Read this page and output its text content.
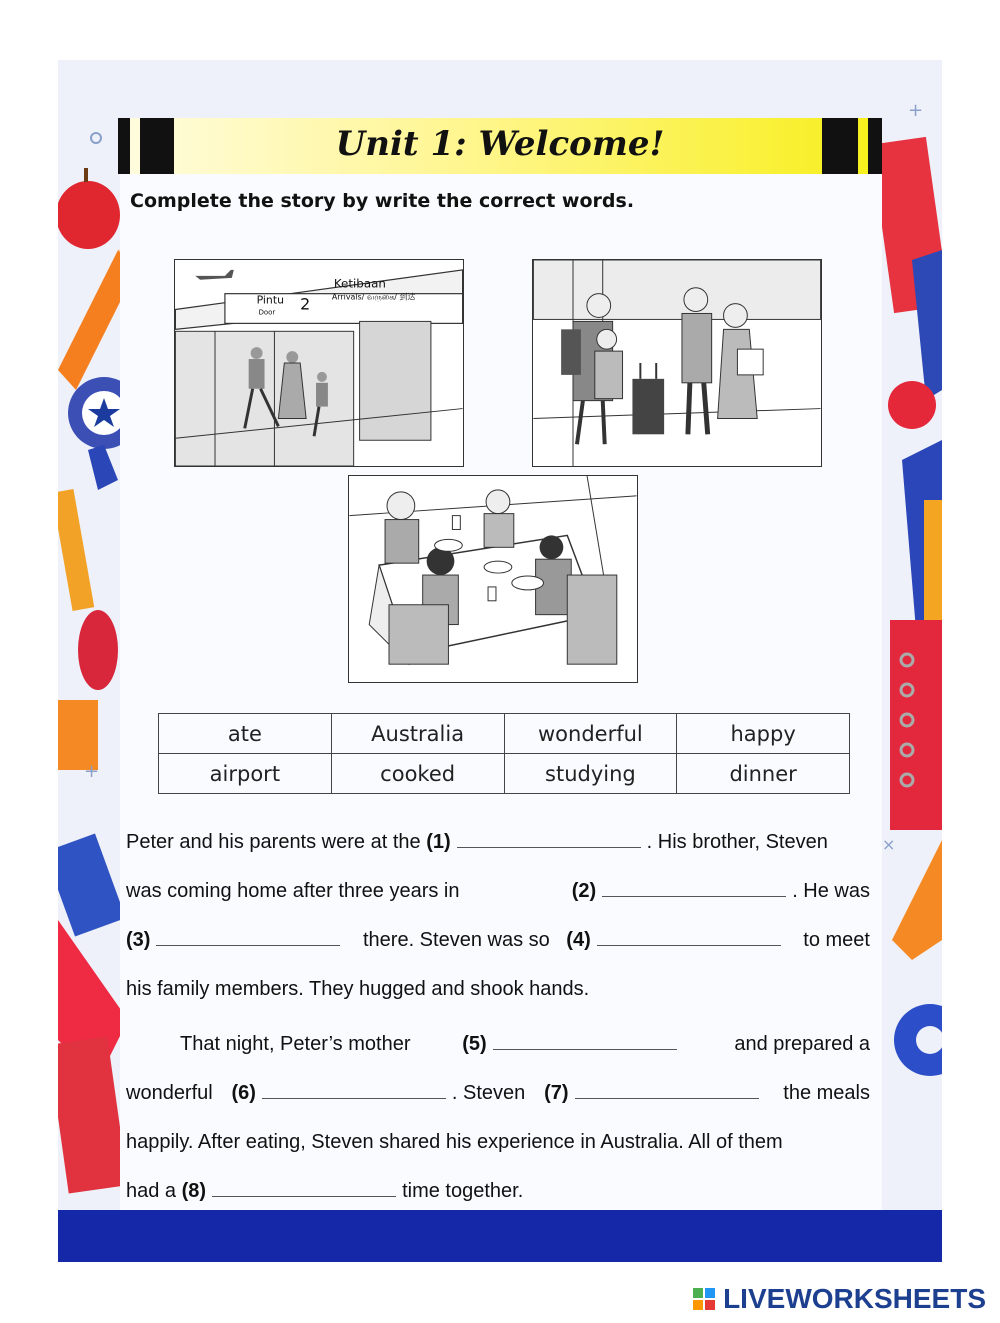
+
+
×
Unit 1: Welcome!
Complete the story by write the correct words.
Pintu
Door 2
Ketibaan
Arrivals/ வருகை/ 到达
ate	Australia	wonderful	happy
airport	cooked	studying	dinner
Peter and his parents were at the (1)	. His brother, Steven
was coming home after three years in	(2)	. He was
(3)	there. Steven was so (4)	to meet
his family members. They hugged and shook hands.
That night, Peter’s mother	(5)	and prepared a
wonderful (6)	. Steven (7)	the meals
happily. After eating, Steven shared his experience in Australia. All of them
had a (8)	time together.
LIVEWORKSHEETS
